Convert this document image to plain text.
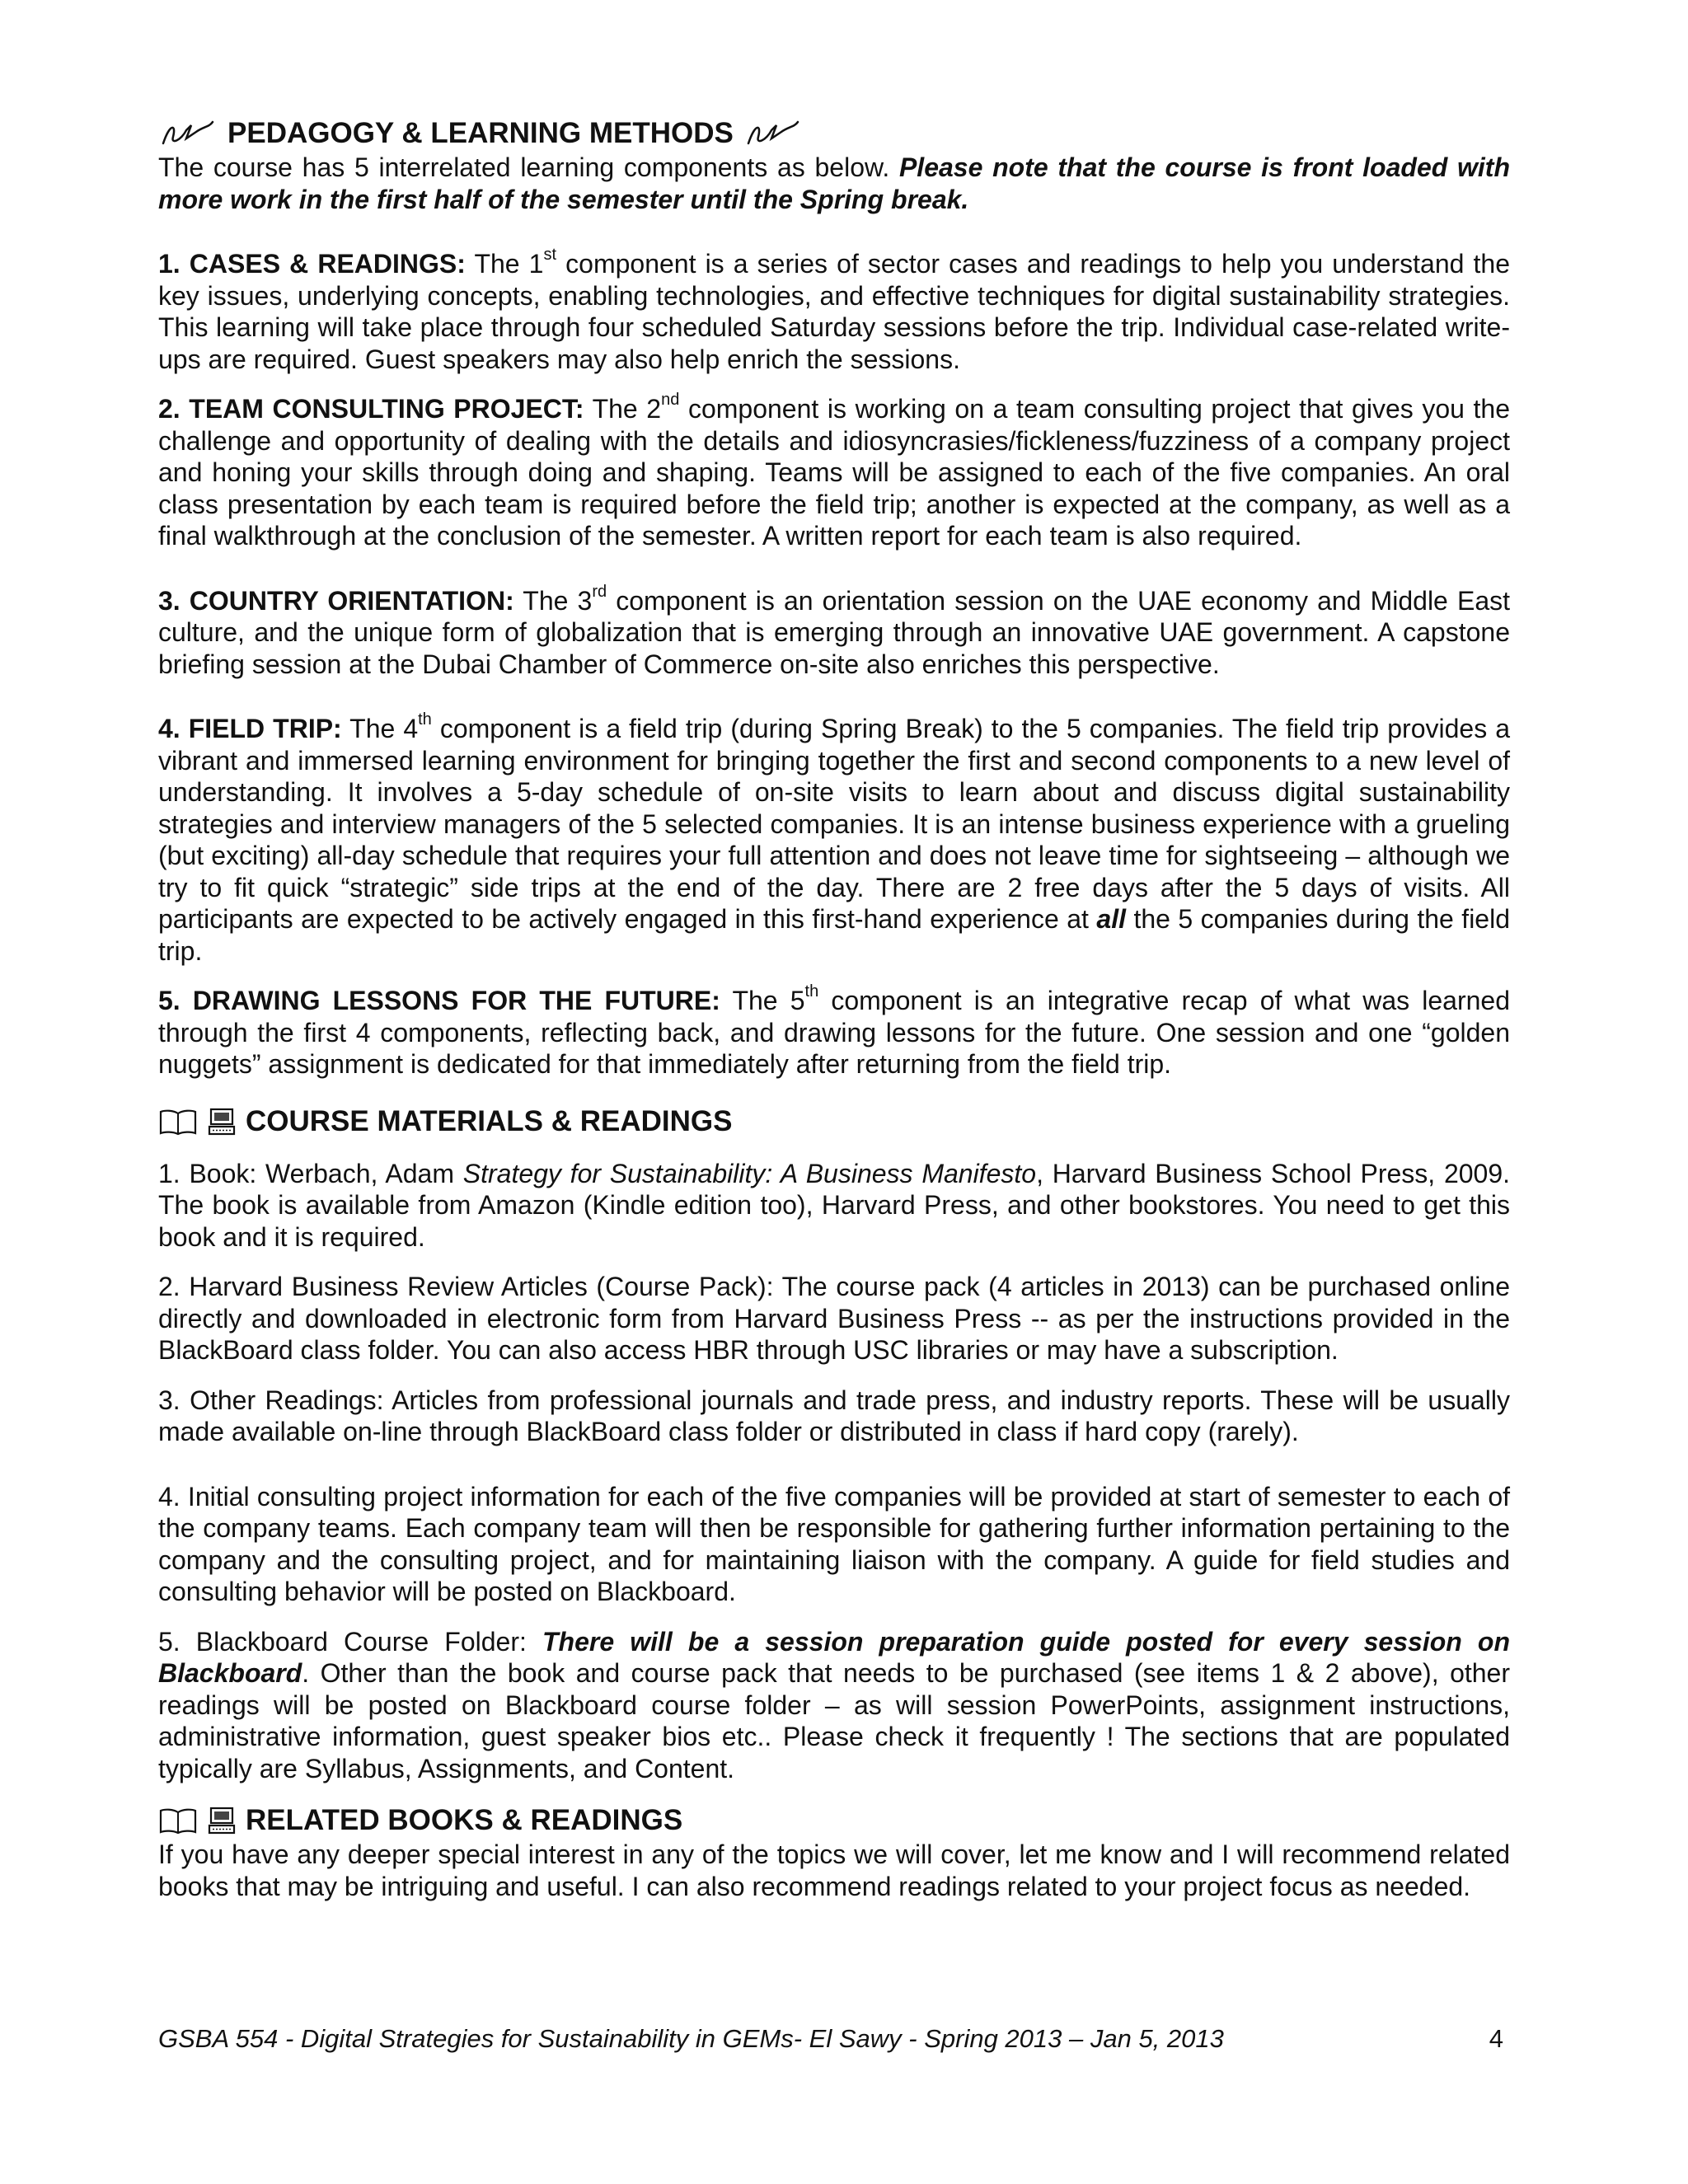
PEDAGOGY & LEARNING METHODS

The course has 5 interrelated learning components as below. Please note that the course is front loaded with more work in the first half of the semester until the Spring break.

1. CASES & READINGS: The 1st component is a series of sector cases and readings to help you understand the key issues, underlying concepts, enabling technologies, and effective techniques for digital sustainability strategies. This learning will take place through four scheduled Saturday sessions before the trip. Individual case-related write-ups are required. Guest speakers may also help enrich the sessions.

2. TEAM CONSULTING PROJECT: The 2nd component is working on a team consulting project that gives you the challenge and opportunity of dealing with the details and idiosyncrasies/fickleness/fuzziness of a company project and honing your skills through doing and shaping. Teams will be assigned to each of the five companies. An oral class presentation by each team is required before the field trip; another is expected at the company, as well as a final walkthrough at the conclusion of the semester. A written report for each team is also required.

3. COUNTRY ORIENTATION: The 3rd component is an orientation session on the UAE economy and Middle East culture, and the unique form of globalization that is emerging through an innovative UAE government. A capstone briefing session at the Dubai Chamber of Commerce on-site also enriches this perspective.

4. FIELD TRIP: The 4th component is a field trip (during Spring Break) to the 5 companies. The field trip provides a vibrant and immersed learning environment for bringing together the first and second components to a new level of understanding. It involves a 5-day schedule of on-site visits to learn about and discuss digital sustainability strategies and interview managers of the 5 selected companies. It is an intense business experience with a grueling (but exciting) all-day schedule that requires your full attention and does not leave time for sightseeing – although we try to fit quick “strategic” side trips at the end of the day. There are 2 free days after the 5 days of visits. All participants are expected to be actively engaged in this first-hand experience at all the 5 companies during the field trip.

5. DRAWING LESSONS FOR THE FUTURE: The 5th component is an integrative recap of what was learned through the first 4 components, reflecting back, and drawing lessons for the future. One session and one “golden nuggets” assignment is dedicated for that immediately after returning from the field trip.

COURSE MATERIALS & READINGS

1. Book: Werbach, Adam Strategy for Sustainability: A Business Manifesto, Harvard Business School Press, 2009. The book is available from Amazon (Kindle edition too), Harvard Press, and other bookstores. You need to get this book and it is required.

2. Harvard Business Review Articles (Course Pack): The course pack (4 articles in 2013) can be purchased online directly and downloaded in electronic form from Harvard Business Press -- as per the instructions provided in the BlackBoard class folder. You can also access HBR through USC libraries or may have a subscription.

3. Other Readings: Articles from professional journals and trade press, and industry reports. These will be usually made available on-line through BlackBoard class folder or distributed in class if hard copy (rarely).

4. Initial consulting project information for each of the five companies will be provided at start of semester to each of the company teams. Each company team will then be responsible for gathering further information pertaining to the company and the consulting project, and for maintaining liaison with the company. A guide for field studies and consulting behavior will be posted on Blackboard.

5. Blackboard Course Folder: There will be a session preparation guide posted for every session on Blackboard. Other than the book and course pack that needs to be purchased (see items 1 & 2 above), other readings will be posted on Blackboard course folder – as will session PowerPoints, assignment instructions, administrative information, guest speaker bios etc.. Please check it frequently ! The sections that are populated typically are Syllabus, Assignments, and Content.

RELATED BOOKS & READINGS

If you have any deeper special interest in any of the topics we will cover, let me know and I will recommend related books that may be intriguing and useful. I can also recommend readings related to your project focus as needed.

GSBA 554 - Digital Strategies for Sustainability in GEMs- El Sawy - Spring 2013 – Jan 5, 2013	4
